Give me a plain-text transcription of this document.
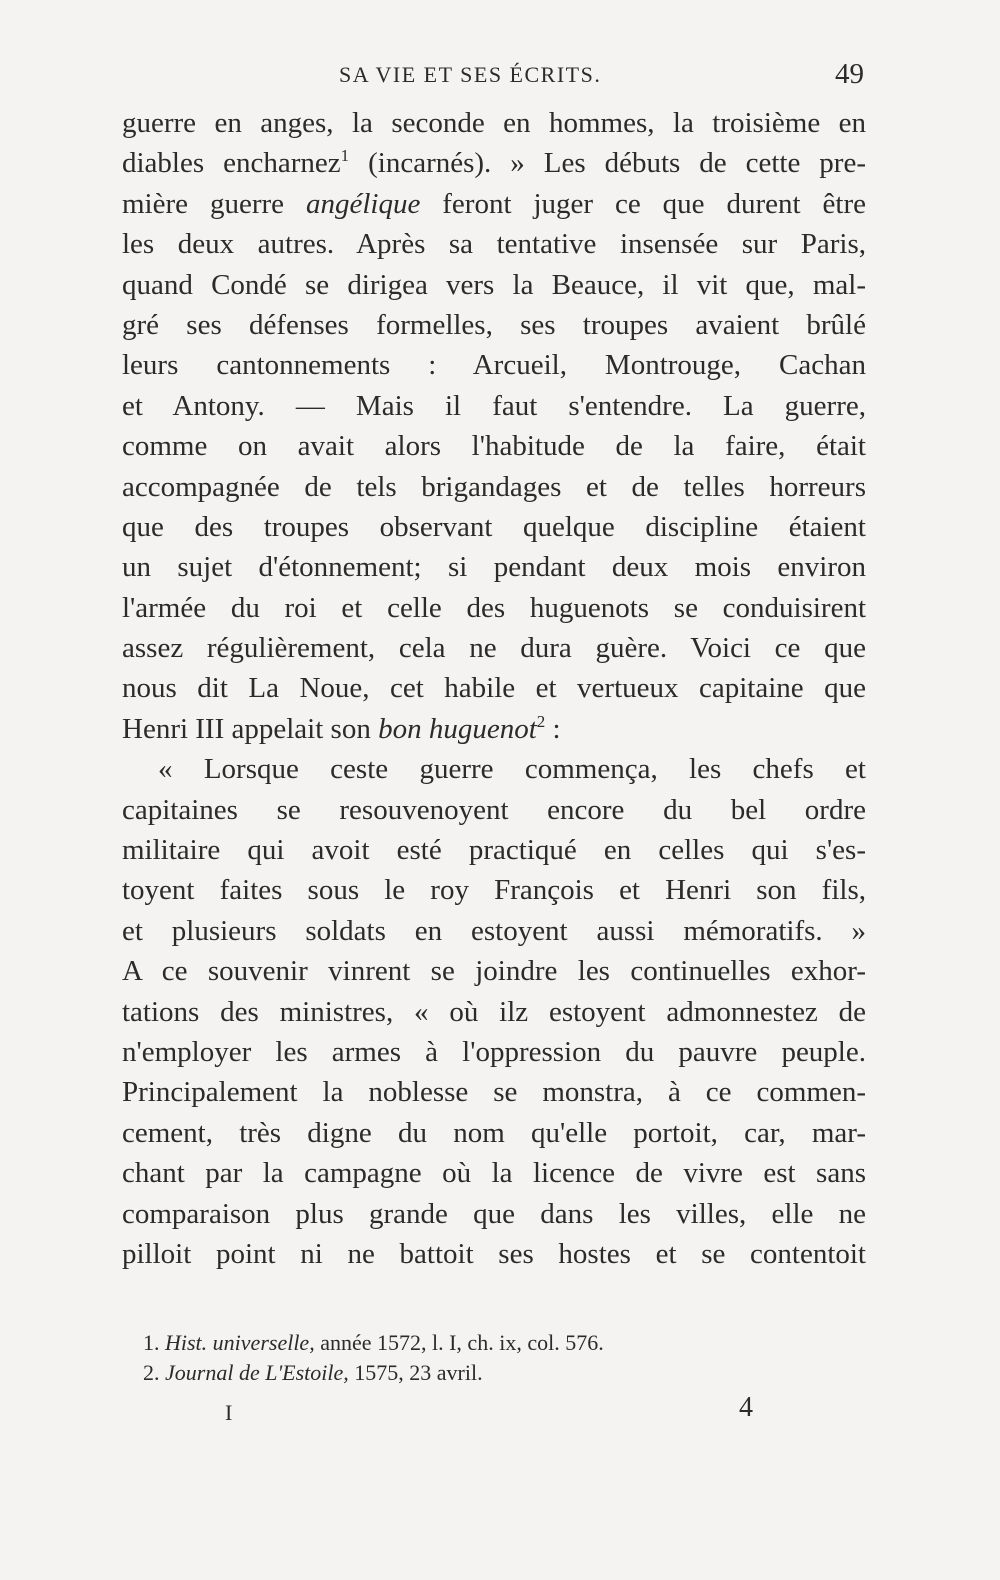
SA VIE ET SES ÉCRITS.	49
guerre en anges, la seconde en hommes, la troisième en
diables encharnez$^1$ (incarnés). » Les débuts de cette pre-
mière guerre angélique feront juger ce que durent être
les deux autres. Après sa tentative insensée sur Paris,
quand Condé se dirigea vers la Beauce, il vit que, mal-
gré ses défenses formelles, ses troupes avaient brûlé
leurs cantonnements : Arcueil, Montrouge, Cachan
et Antony. — Mais il faut s'entendre. La guerre,
comme on avait alors l'habitude de la faire, était
accompagnée de tels brigandages et de telles horreurs
que des troupes observant quelque discipline étaient
un sujet d'étonnement; si pendant deux mois environ
l'armée du roi et celle des huguenots se conduisirent
assez régulièrement, cela ne dura guère. Voici ce que
nous dit La Noue, cet habile et vertueux capitaine que
Henri III appelait son bon huguenot$^2$ :
« Lorsque ceste guerre commença, les chefs et
capitaines se resouvenoyent encore du bel ordre
militaire qui avoit esté practiqué en celles qui s'es-
toyent faites sous le roy François et Henri son fils,
et plusieurs soldats en estoyent aussi mémoratifs. »
A ce souvenir vinrent se joindre les continuelles exhor-
tations des ministres, « où ilz estoyent admonnestez de
n'employer les armes à l'oppression du pauvre peuple.
Principalement la noblesse se monstra, à ce commen-
cement, très digne du nom qu'elle portoit, car, mar-
chant par la campagne où la licence de vivre est sans
comparaison plus grande que dans les villes, elle ne
pilloit point ni ne battoit ses hostes et se contentoit
1. Hist. universelle, année 1572, l. I, ch. ix, col. 576.
2. Journal de L'Estoile, 1575, 23 avril.
I	4
